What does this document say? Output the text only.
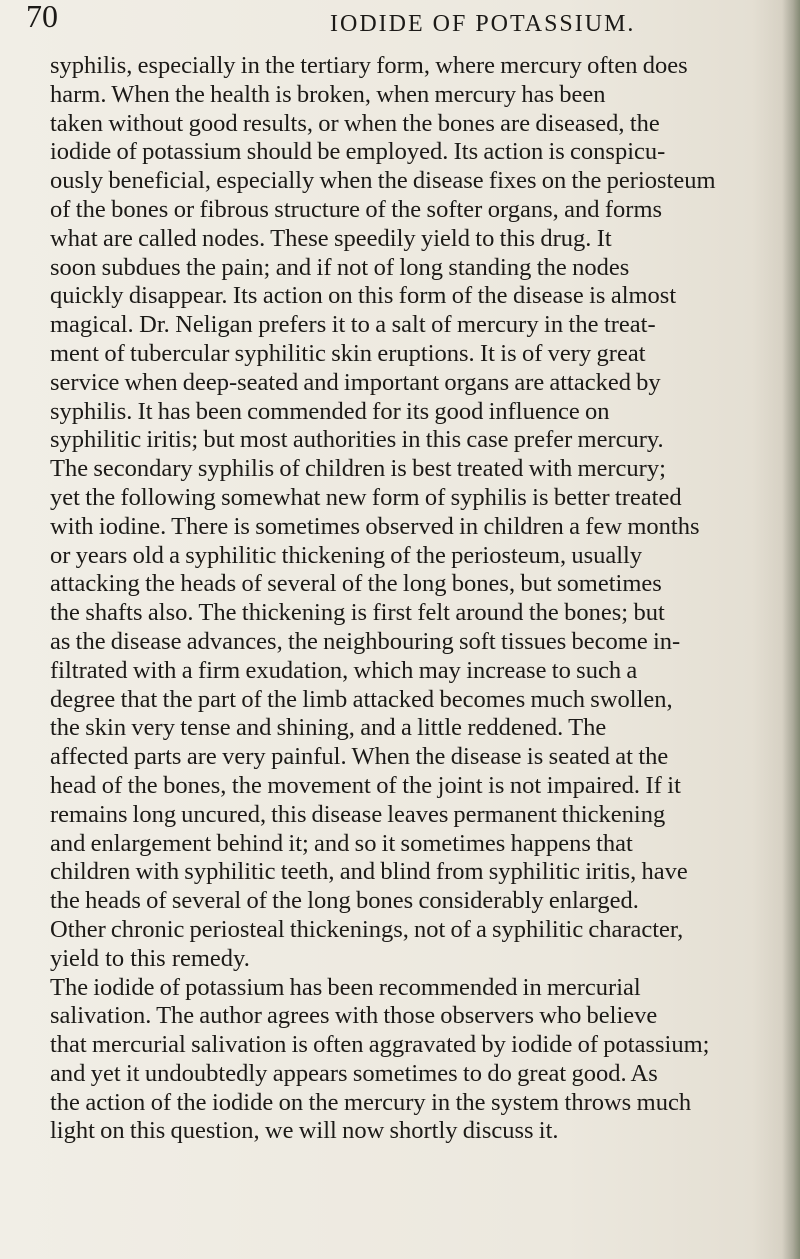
70	IODIDE OF POTASSIUM.
syphilis, especially in the tertiary form, where mercury often does
harm. When the health is broken, when mercury has been
taken without good results, or when the bones are diseased, the
iodide of potassium should be employed. Its action is conspicu-
ously beneficial, especially when the disease fixes on the periosteum
of the bones or fibrous structure of the softer organs, and forms
what are called nodes. These speedily yield to this drug. It
soon subdues the pain; and if not of long standing the nodes
quickly disappear. Its action on this form of the disease is almost
magical. Dr. Neligan prefers it to a salt of mercury in the treat-
ment of tubercular syphilitic skin eruptions. It is of very great
service when deep-seated and important organs are attacked by
syphilis. It has been commended for its good influence on
syphilitic iritis; but most authorities in this case prefer mercury.
The secondary syphilis of children is best treated with mercury;
yet the following somewhat new form of syphilis is better treated
with iodine. There is sometimes observed in children a few months
or years old a syphilitic thickening of the periosteum, usually
attacking the heads of several of the long bones, but sometimes
the shafts also. The thickening is first felt around the bones; but
as the disease advances, the neighbouring soft tissues become in-
filtrated with a firm exudation, which may increase to such a
degree that the part of the limb attacked becomes much swollen,
the skin very tense and shining, and a little reddened. The
affected parts are very painful. When the disease is seated at the
head of the bones, the movement of the joint is not impaired. If it
remains long uncured, this disease leaves permanent thickening
and enlargement behind it; and so it sometimes happens that
children with syphilitic teeth, and blind from syphilitic iritis, have
the heads of several of the long bones considerably enlarged.
Other chronic periosteal thickenings, not of a syphilitic character,
yield to this remedy.
The iodide of potassium has been recommended in mercurial
salivation. The author agrees with those observers who believe
that mercurial salivation is often aggravated by iodide of potassium;
and yet it undoubtedly appears sometimes to do great good. As
the action of the iodide on the mercury in the system throws much
light on this question, we will now shortly discuss it.
